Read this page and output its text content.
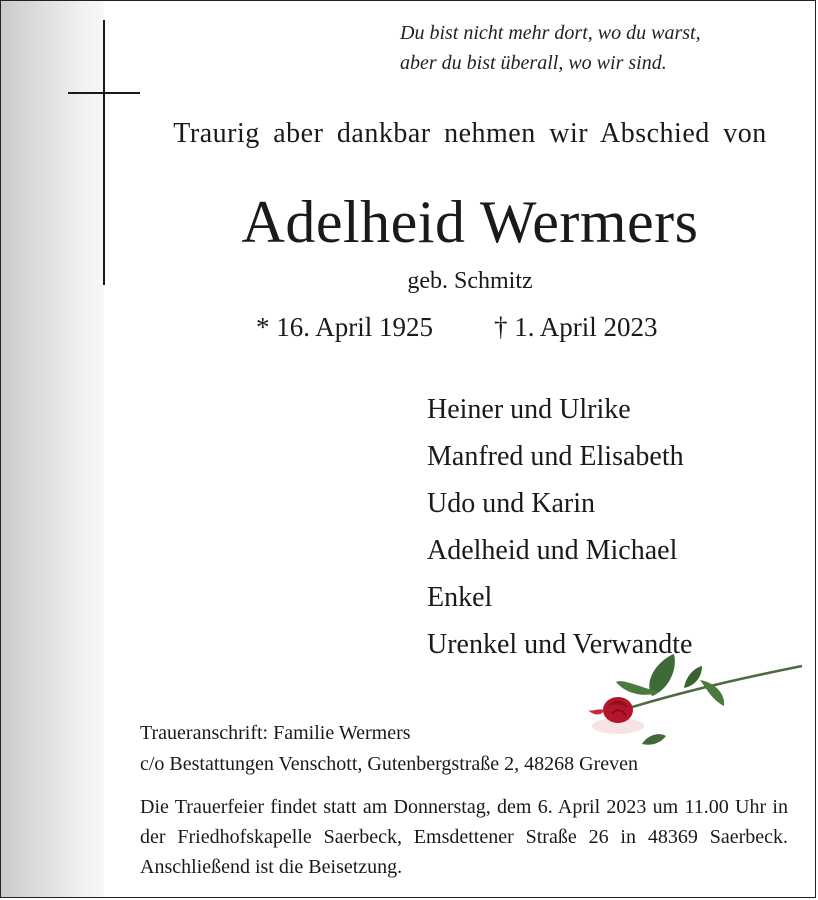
Du bist nicht mehr dort, wo du warst,
aber du bist überall, wo wir sind.
Traurig aber dankbar nehmen wir Abschied von
Adelheid Wermers
geb. Schmitz
* 16. April 1925 † 1. April 2023
Heiner und Ulrike
Manfred und Elisabeth
Udo und Karin
Adelheid und Michael
Enkel
Urenkel und Verwandte
Traueranschrift: Familie Wermers
c/o Bestattungen Venschott, Gutenbergstraße 2, 48268 Greven
Die Trauerfeier findet statt am Donnerstag, dem 6. April 2023 um 11.00 Uhr in der Friedhofskapelle Saerbeck, Emsdettener Straße 26 in 48369 Saerbeck. Anschließend ist die Beisetzung.
